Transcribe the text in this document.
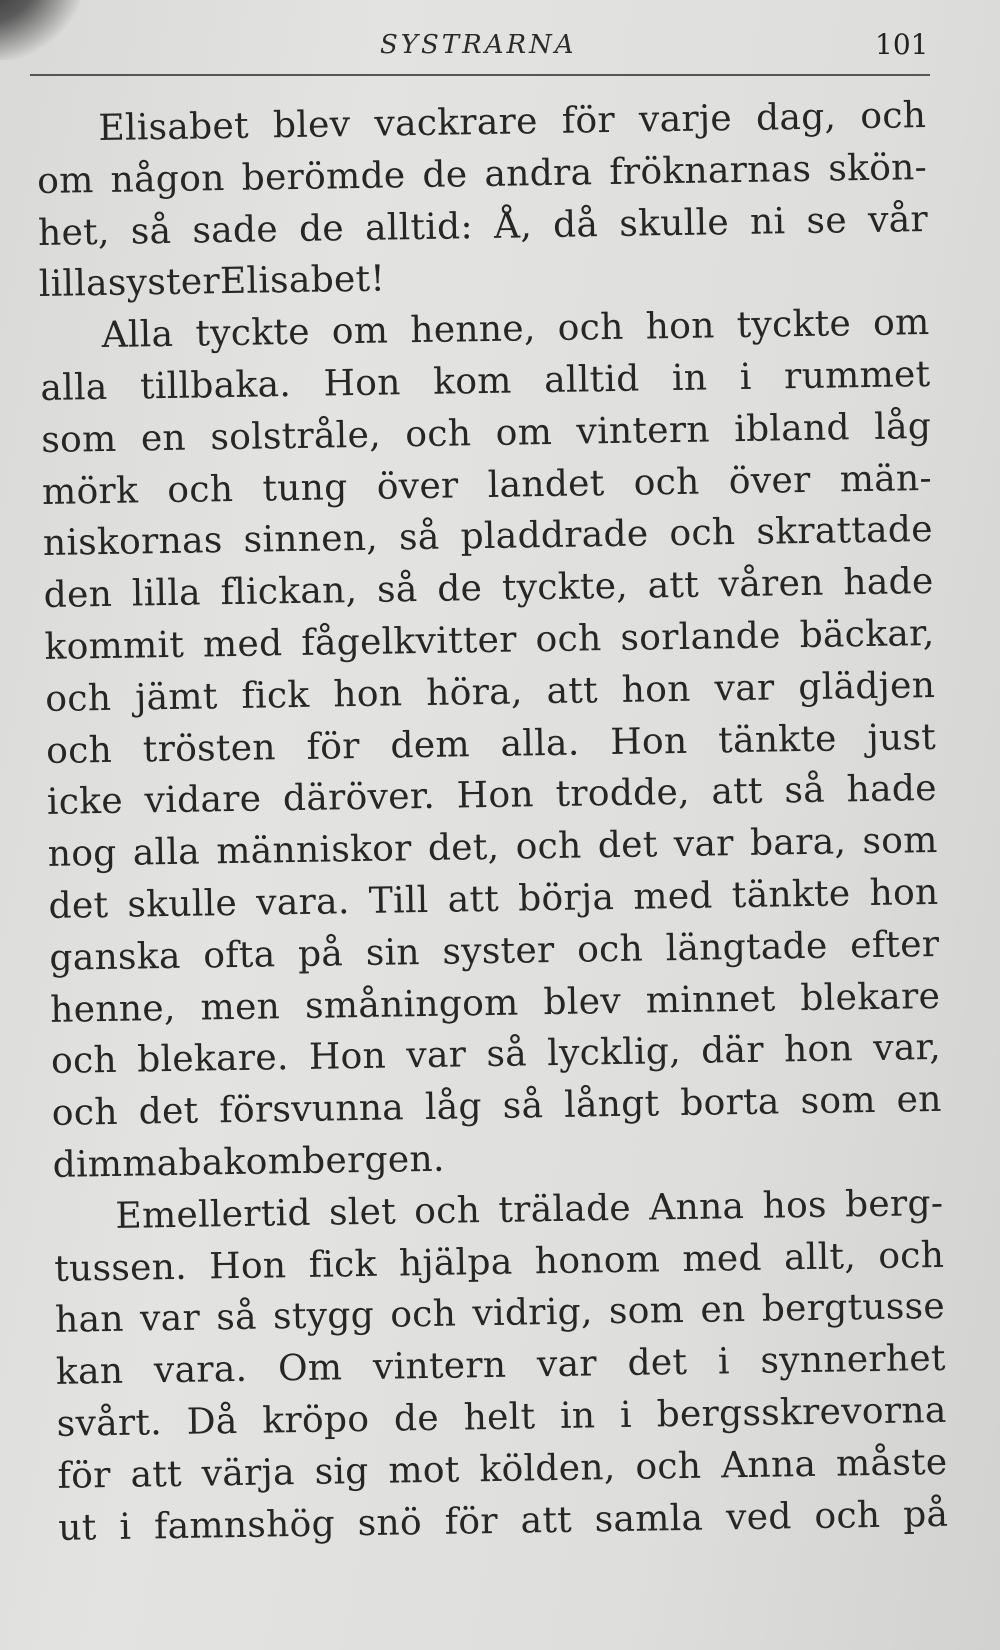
SYSTRARNA	101
Elisabet blev vackrare för varje dag, och
om någon berömde de andra fröknarnas skön-
het, så sade de alltid: Å, då skulle ni se vår
lilla syster Elisabet!
Alla tyckte om henne, och hon tyckte om
alla tillbaka. Hon kom alltid in i rummet
som en solstråle, och om vintern ibland låg
mörk och tung över landet och över män-
niskornas sinnen, så pladdrade och skrattade
den lilla flickan, så de tyckte, att våren hade
kommit med fågelkvitter och sorlande bäckar,
och jämt fick hon höra, att hon var glädjen
och trösten för dem alla. Hon tänkte just
icke vidare däröver. Hon trodde, att så hade
nog alla människor det, och det var bara, som
det skulle vara. Till att börja med tänkte hon
ganska ofta på sin syster och längtade efter
henne, men småningom blev minnet blekare
och blekare. Hon var så lycklig, där hon var,
och det försvunna låg så långt borta som en
dimma bakom bergen.
Emellertid slet och trälade Anna hos berg-
tussen. Hon fick hjälpa honom med allt, och
han var så stygg och vidrig, som en bergtusse
kan vara. Om vintern var det i synnerhet
svårt. Då kröpo de helt in i bergsskrevorna
för att värja sig mot kölden, och Anna måste
ut i famnshög snö för att samla ved och på
